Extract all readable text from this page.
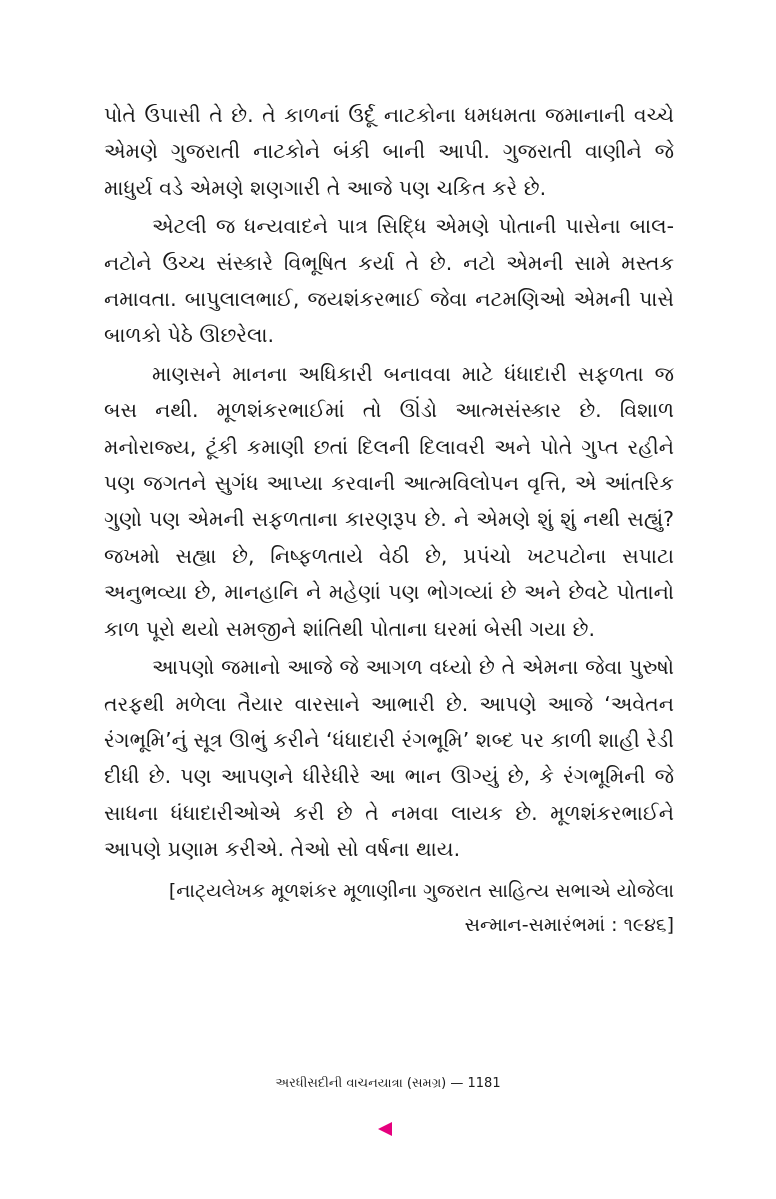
પોતે ઉપાસી તે છે. તે કાળનાં ઉર્દૂ નાટકોના ધમધમતા જમાનાની વચ્ચે એમણે ગુજરાતી નાટકોને બંકી બાની આપી. ગુજરાતી વાણીને જે માધુર્ય વડે એમણે શણગારી તે આજે પણ ચકિત કરે છે.

એટલી જ ધન્યવાદને પાત્ર સિદ્ધિ એમણે પોતાની પાસેના બાલ-નટોને ઉચ્ચ સંસ્કારે વિભૂષિત કર્યા તે છે. નટો એમની સામે મસ્તક નમાવતા. બાપુલાલભાઈ, જયશંકરભાઈ જેવા નટમણિઓ એમની પાસે બાળકો પેઠે ઊછરેલા.

માણસને માનના અધિકારી બનાવવા માટે ધંધાદારી સફળતા જ બસ નથી. મૂળશંકરભાઈમાં તો ઊંડો આત્મસંસ્કાર છે. વિશાળ મનોરાજ્ય, ટૂંકી કમાણી છતાં દિલની દિલાવરી અને પોતે ગુપ્ત રહીને પણ જગતને સુગંધ આપ્યા કરવાની આત્મવિલોપન વૃત્તિ, એ આંતરિક ગુણો પણ એમની સફળતાના કારણરૂપ છે. ને એમણે શું શું નથી સહ્યું? જખમો સહ્યા છે, નિષ્ફળતાયે વેઠી છે, પ્રપંચો ખટપટોના સપાટા અનુભવ્યા છે, માનહાનિ ને મહેણાં પણ ભોગવ્યાં છે અને છેવટે પોતાનો કાળ પૂરો થયો સમજીને શાંતિથી પોતાના ઘરમાં બેસી ગયા છે.

આપણો જમાનો આજે જે આગળ વધ્યો છે તે એમના જેવા પુરુષો તરફથી મળેલા તૈયાર વારસાને આભારી છે. આપણે આજે ‘અવેતન રંગભૂમિ’નું સૂત્ર ઊભું કરીને ‘ધંધાદારી રંગભૂમિ’ શબ્દ પર કાળી શાહી રેડી દીધી છે. પણ આપણને ધીરેધીરે આ ભાન ઊગ્યું છે, કે રંગભૂમિની જે સાધના ધંધાદારીઓએ કરી છે તે નમવા લાયક છે. મૂળશંકરભાઈને આપણે પ્રણામ કરીએ. તેઓ સો વર્ષના થાય.

[નાટ્યલેખક મૂળશંકર મૂળાણીના ગુજરાત સાહિત્ય સભાએ યોજેલા
સન્માન-સમારંભમાં : ૧૯૪૬]
અરધીસદીની વાચનયાત્રા (સમગ્ર) — 1181
